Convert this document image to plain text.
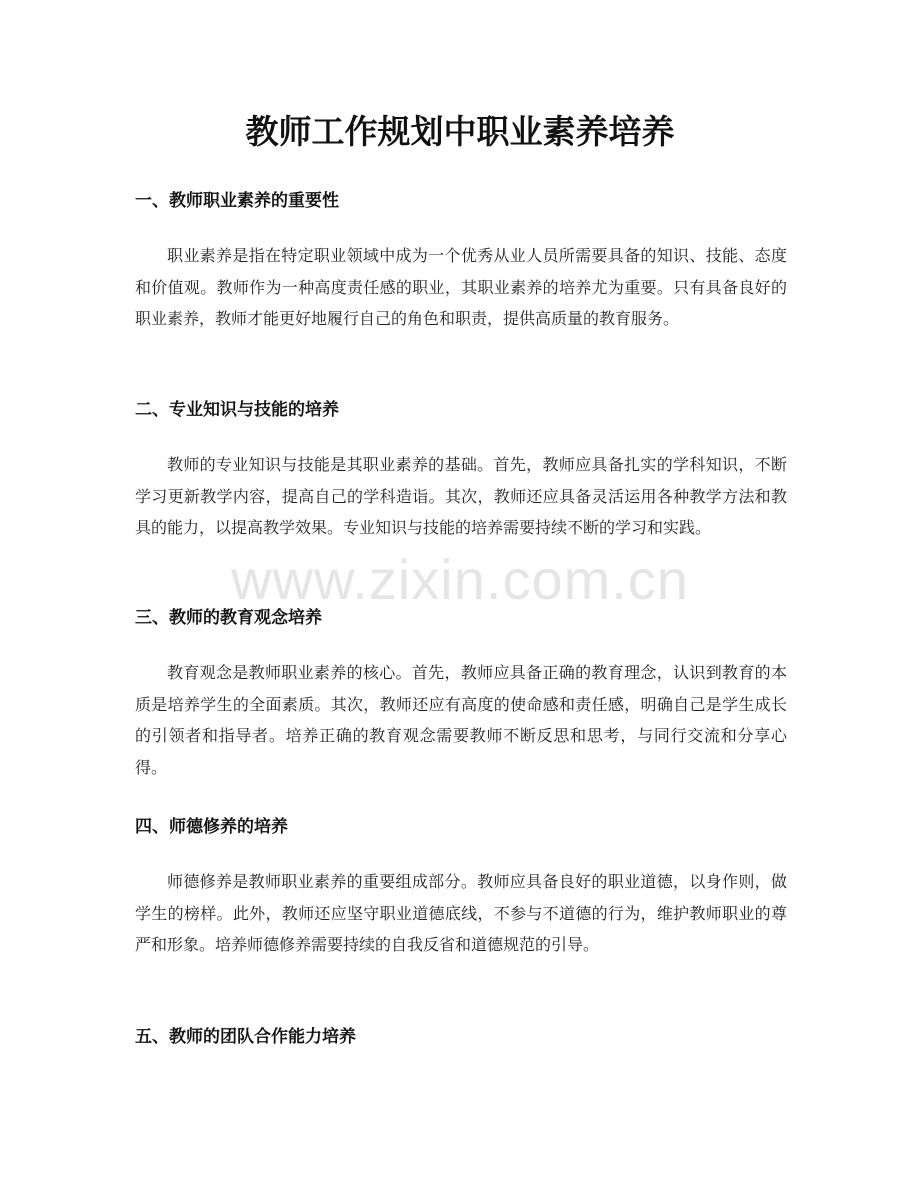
教师工作规划中职业素养培养
一、教师职业素养的重要性

职业素养是指在特定职业领域中成为一个优秀从业人员所需要具备的知识、技能、态度和价值观。教师作为一种高度责任感的职业，其职业素养的培养尤为重要。只有具备良好的职业素养，教师才能更好地履行自己的角色和职责，提供高质量的教育服务。

二、专业知识与技能的培养

教师的专业知识与技能是其职业素养的基础。首先，教师应具备扎实的学科知识，不断学习更新教学内容，提高自己的学科造诣。其次，教师还应具备灵活运用各种教学方法和教具的能力，以提高教学效果。专业知识与技能的培养需要持续不断的学习和实践。

三、教师的教育观念培养

教育观念是教师职业素养的核心。首先，教师应具备正确的教育理念，认识到教育的本质是培养学生的全面素质。其次，教师还应有高度的使命感和责任感，明确自己是学生成长的引领者和指导者。培养正确的教育观念需要教师不断反思和思考，与同行交流和分享心得。

四、师德修养的培养

师德修养是教师职业素养的重要组成部分。教师应具备良好的职业道德，以身作则，做学生的榜样。此外，教师还应坚守职业道德底线，不参与不道德的行为，维护教师职业的尊严和形象。培养师德修养需要持续的自我反省和道德规范的引导。

五、教师的团队合作能力培养
www.zixin.com.cn
